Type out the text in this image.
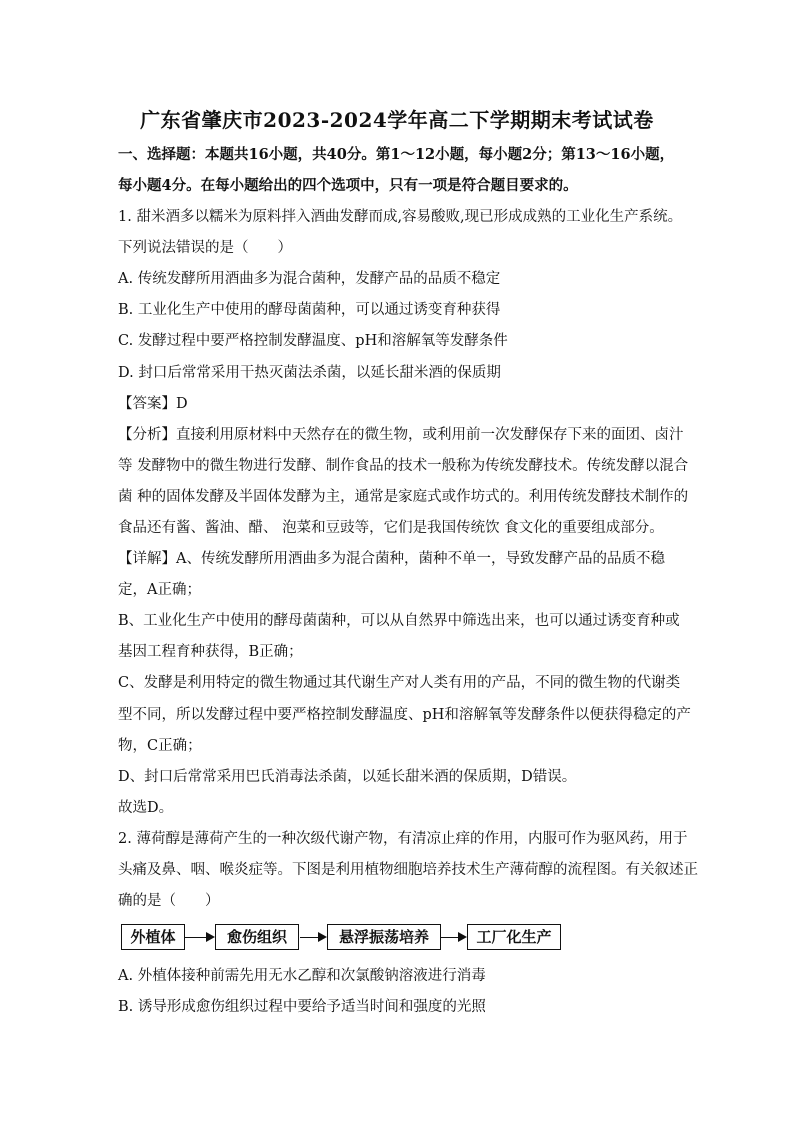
广东省肇庆市2023-2024学年高二下学期期末考试试卷
一、选择题：本题共16小题，共40分。第1～12小题，每小题2分；第13～16小题，
每小题4分。在每小题给出的四个选项中，只有一项是符合题目要求的。
1. 甜米酒多以糯米为原料拌入酒曲发酵而成,容易酸败,现已形成成熟的工业化生产系统。
下列说法错误的是（　　）
A. 传统发酵所用酒曲多为混合菌种，发酵产品的品质不稳定
B. 工业化生产中使用的酵母菌菌种，可以通过诱变育种获得
C. 发酵过程中要严格控制发酵温度、pH和溶解氧等发酵条件
D. 封口后常常采用干热灭菌法杀菌，以延长甜米酒的保质期
【答案】D
【分析】直接利用原材料中天然存在的微生物，或利用前一次发酵保存下来的面团、卤汁
等 发酵物中的微生物进行发酵、制作食品的技术一般称为传统发酵技术。传统发酵以混合
菌 种的固体发酵及半固体发酵为主，通常是家庭式或作坊式的。利用传统发酵技术制作的
食品还有酱、酱油、醋、 泡菜和豆豉等，它们是我国传统饮 食文化的重要组成部分。
【详解】A、传统发酵所用酒曲多为混合菌种，菌种不单一，导致发酵产品的品质不稳
定，A正确；
B、工业化生产中使用的酵母菌菌种，可以从自然界中筛选出来，也可以通过诱变育种或
基因工程育种获得，B正确；
C、发酵是利用特定的微生物通过其代谢生产对人类有用的产品，不同的微生物的代谢类
型不同，所以发酵过程中要严格控制发酵温度、pH和溶解氧等发酵条件以便获得稳定的产
物，C正确；
D、封口后常常采用巴氏消毒法杀菌，以延长甜米酒的保质期，D错误。
故选D。
2. 薄荷醇是薄荷产生的一种次级代谢产物，有清凉止痒的作用，内服可作为驱风药，用于
头痛及鼻、咽、喉炎症等。下图是利用植物细胞培养技术生产薄荷醇的流程图。有关叙述正
确的是（　　）
外植体	愈伤组织	悬浮振荡培养	工厂化生产
A. 外植体接种前需先用无水乙醇和次氯酸钠溶液进行消毒
B. 诱导形成愈伤组织过程中要给予适当时间和强度的光照
